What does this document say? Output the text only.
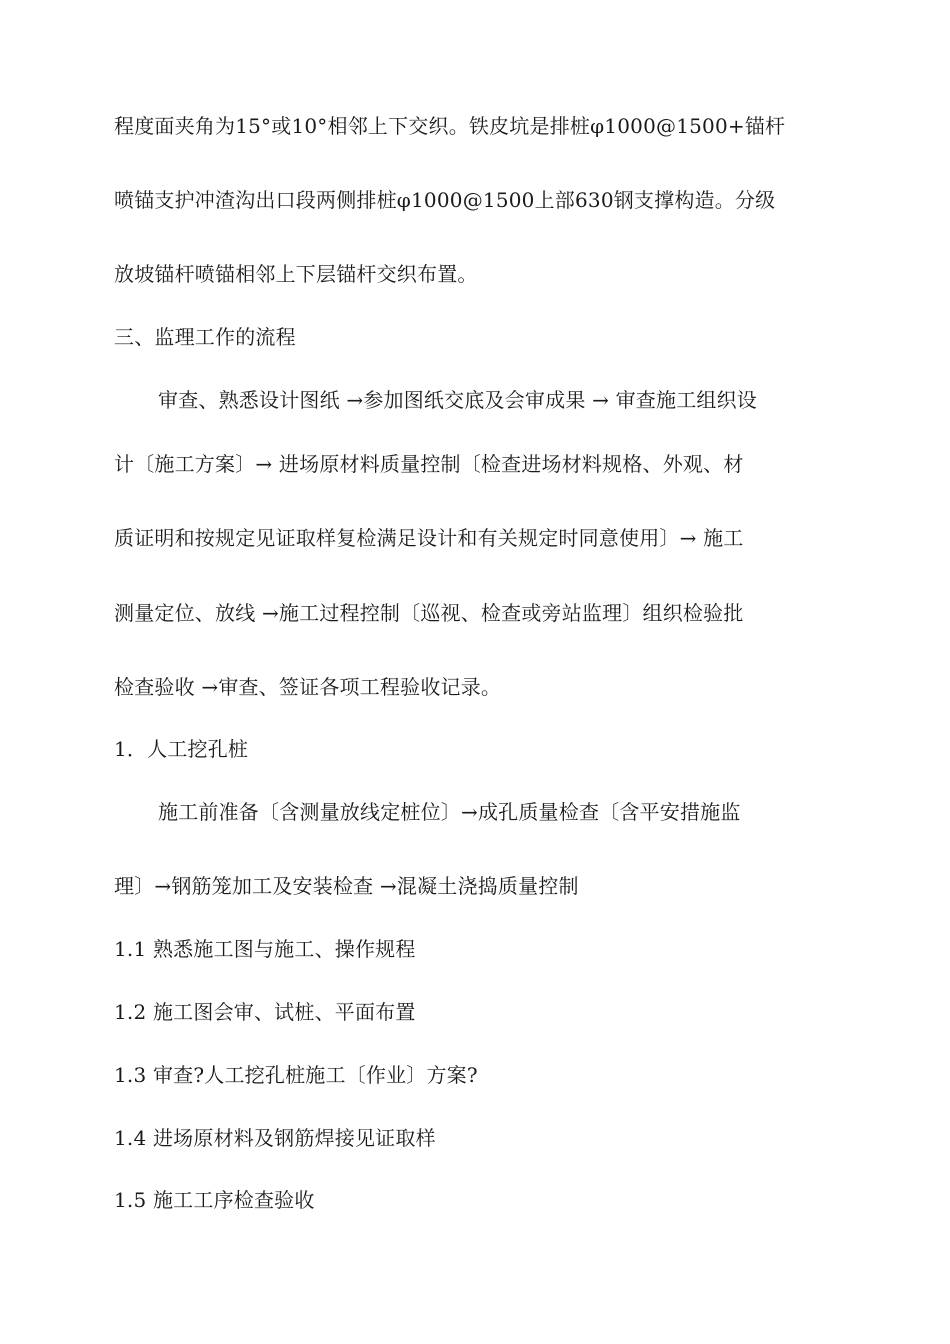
程度面夹角为15°或10°相邻上下交织。铁皮坑是排桩φ1000@1500+锚杆
喷锚支护冲渣沟出口段两侧排桩φ1000@1500上部630钢支撑构造。分级
放坡锚杆喷锚相邻上下层锚杆交织布置。
三、监理工作的流程
审查、熟悉设计图纸 →参加图纸交底及会审成果 → 审查施工组织设
计〔施工方案〕→ 进场原材料质量控制〔检查进场材料规格、外观、材
质证明和按规定见证取样复检满足设计和有关规定时同意使用〕→ 施工
测量定位、放线 →施工过程控制〔巡视、检查或旁站监理〕组织检验批
检查验收 →审查、签证各项工程验收记录。
1．人工挖孔桩
施工前准备〔含测量放线定桩位〕→成孔质量检查〔含平安措施监
理〕→钢筋笼加工及安装检查 →混凝土浇捣质量控制
1.1 熟悉施工图与施工、操作规程
1.2 施工图会审、试桩、平面布置
1.3 审查?人工挖孔桩施工〔作业〕方案?
1.4 进场原材料及钢筋焊接见证取样
1.5 施工工序检查验收
